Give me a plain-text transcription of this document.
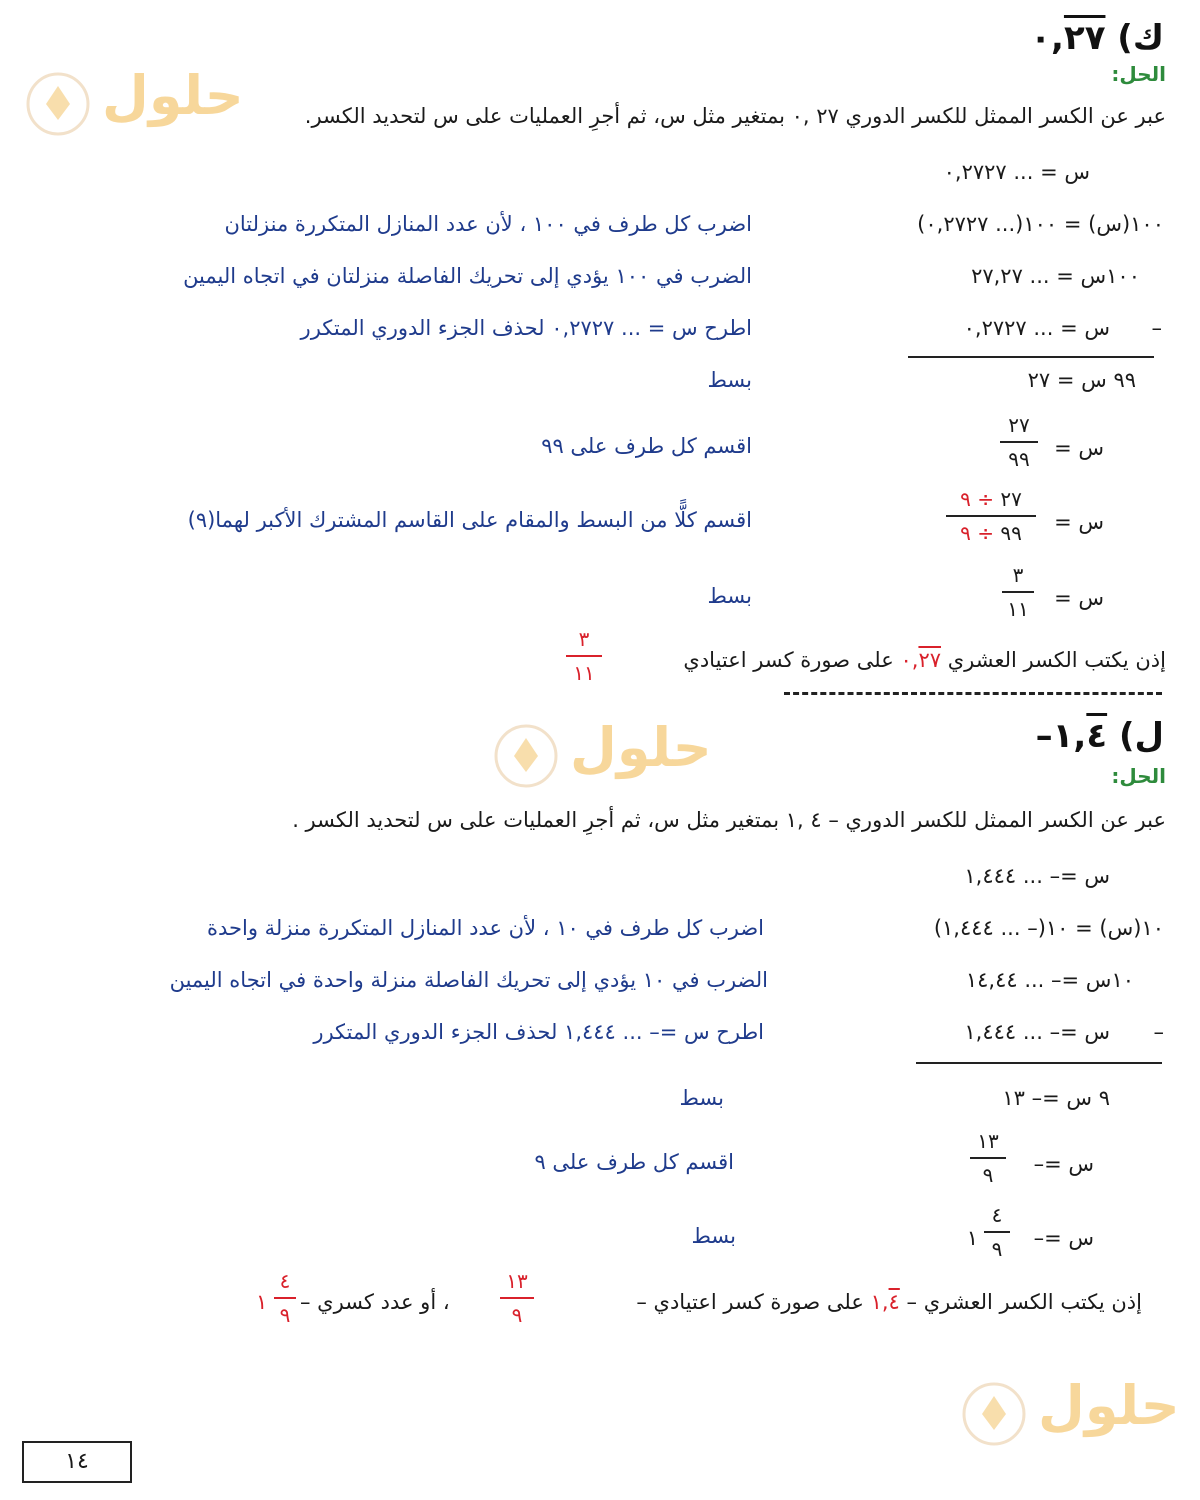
حلول
حلول
حلول
ك) ٠,٢٧
الحل:
عبر عن الكسر الممثل للكسر الدوري ٢٧ ,٠ بمتغير مثل س، ثم أجرِ العمليات على س لتحديد الكسر.
س = ... ٠,٢٧٢٧
١٠٠(س) = ١٠٠(... ٠,٢٧٢٧)
اضرب كل طرف في ١٠٠ ، لأن عدد المنازل المتكررة منزلتان
١٠٠س = ... ٢٧,٢٧
الضرب في ١٠٠ يؤدي إلى تحريك الفاصلة منزلتان في اتجاه اليمين
–
س = ... ٠,٢٧٢٧
اطرح س = ... ٠,٢٧٢٧ لحذف الجزء الدوري المتكرر
٩٩ س = ٢٧
بسط
س =
٢٧
٩٩
اقسم كل طرف على ٩٩
س =
٢٧ ÷ ٩
٩٩ ÷ ٩
اقسم كلًّا من البسط والمقام على القاسم المشترك الأكبر لهما(٩)
س =
٣
١١
بسط
إذن يكتب الكسر العشري ٠,٢٧ على صورة كسر اعتيادي
٣
١١
ل) –١,٤
الحل:
عبر عن الكسر الممثل للكسر الدوري – ٤ ,١ بمتغير مثل س، ثم أجرِ العمليات على س لتحديد الكسر .
س =– ... ١,٤٤٤
١٠(س) = ١٠(– ... ١,٤٤٤)
اضرب كل طرف في ١٠ ، لأن عدد المنازل المتكررة منزلة واحدة
١٠س =– ... ١٤,٤٤
الضرب في ١٠ يؤدي إلى تحريك الفاصلة منزلة واحدة في اتجاه اليمين
–
س =– ... ١,٤٤٤
اطرح س =– ... ١,٤٤٤ لحذف الجزء الدوري المتكرر
٩ س =– ١٣
بسط
س =–
١٣
٩
اقسم كل طرف على ٩
س =–
٤
٩
١
بسط
إذن يكتب الكسر العشري – ١,٤ على صورة كسر اعتيادي –
١٣
٩
، أو عدد كسري –
٤
٩
١
١٤
